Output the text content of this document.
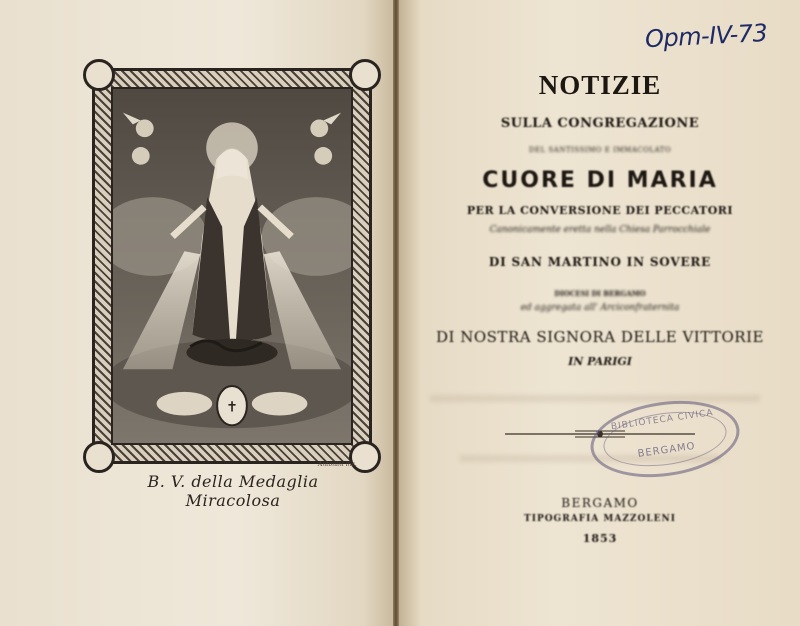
✝
Antonini inc.
B. V. della Medaglia Miracolosa
NOTIZIE
SULLA CONGREGAZIONE
DEL SANTISSIMO E IMMACOLATO
CUORE DI MARIA
PER LA CONVERSIONE DEI PECCATORI
Canonicamente eretta nella Chiesa Parrocchiale
DI SAN MARTINO IN SOVERE
DIOCESI DI BERGAMO
ed aggregata all' Arciconfraternita
DI NOSTRA SIGNORA DELLE VITTORIE
IN PARIGI
BIBLIOTECA CIVICA
BERGAMO
BERGAMO
TIPOGRAFIA MAZZOLENI
1853
Opm-IV-73
